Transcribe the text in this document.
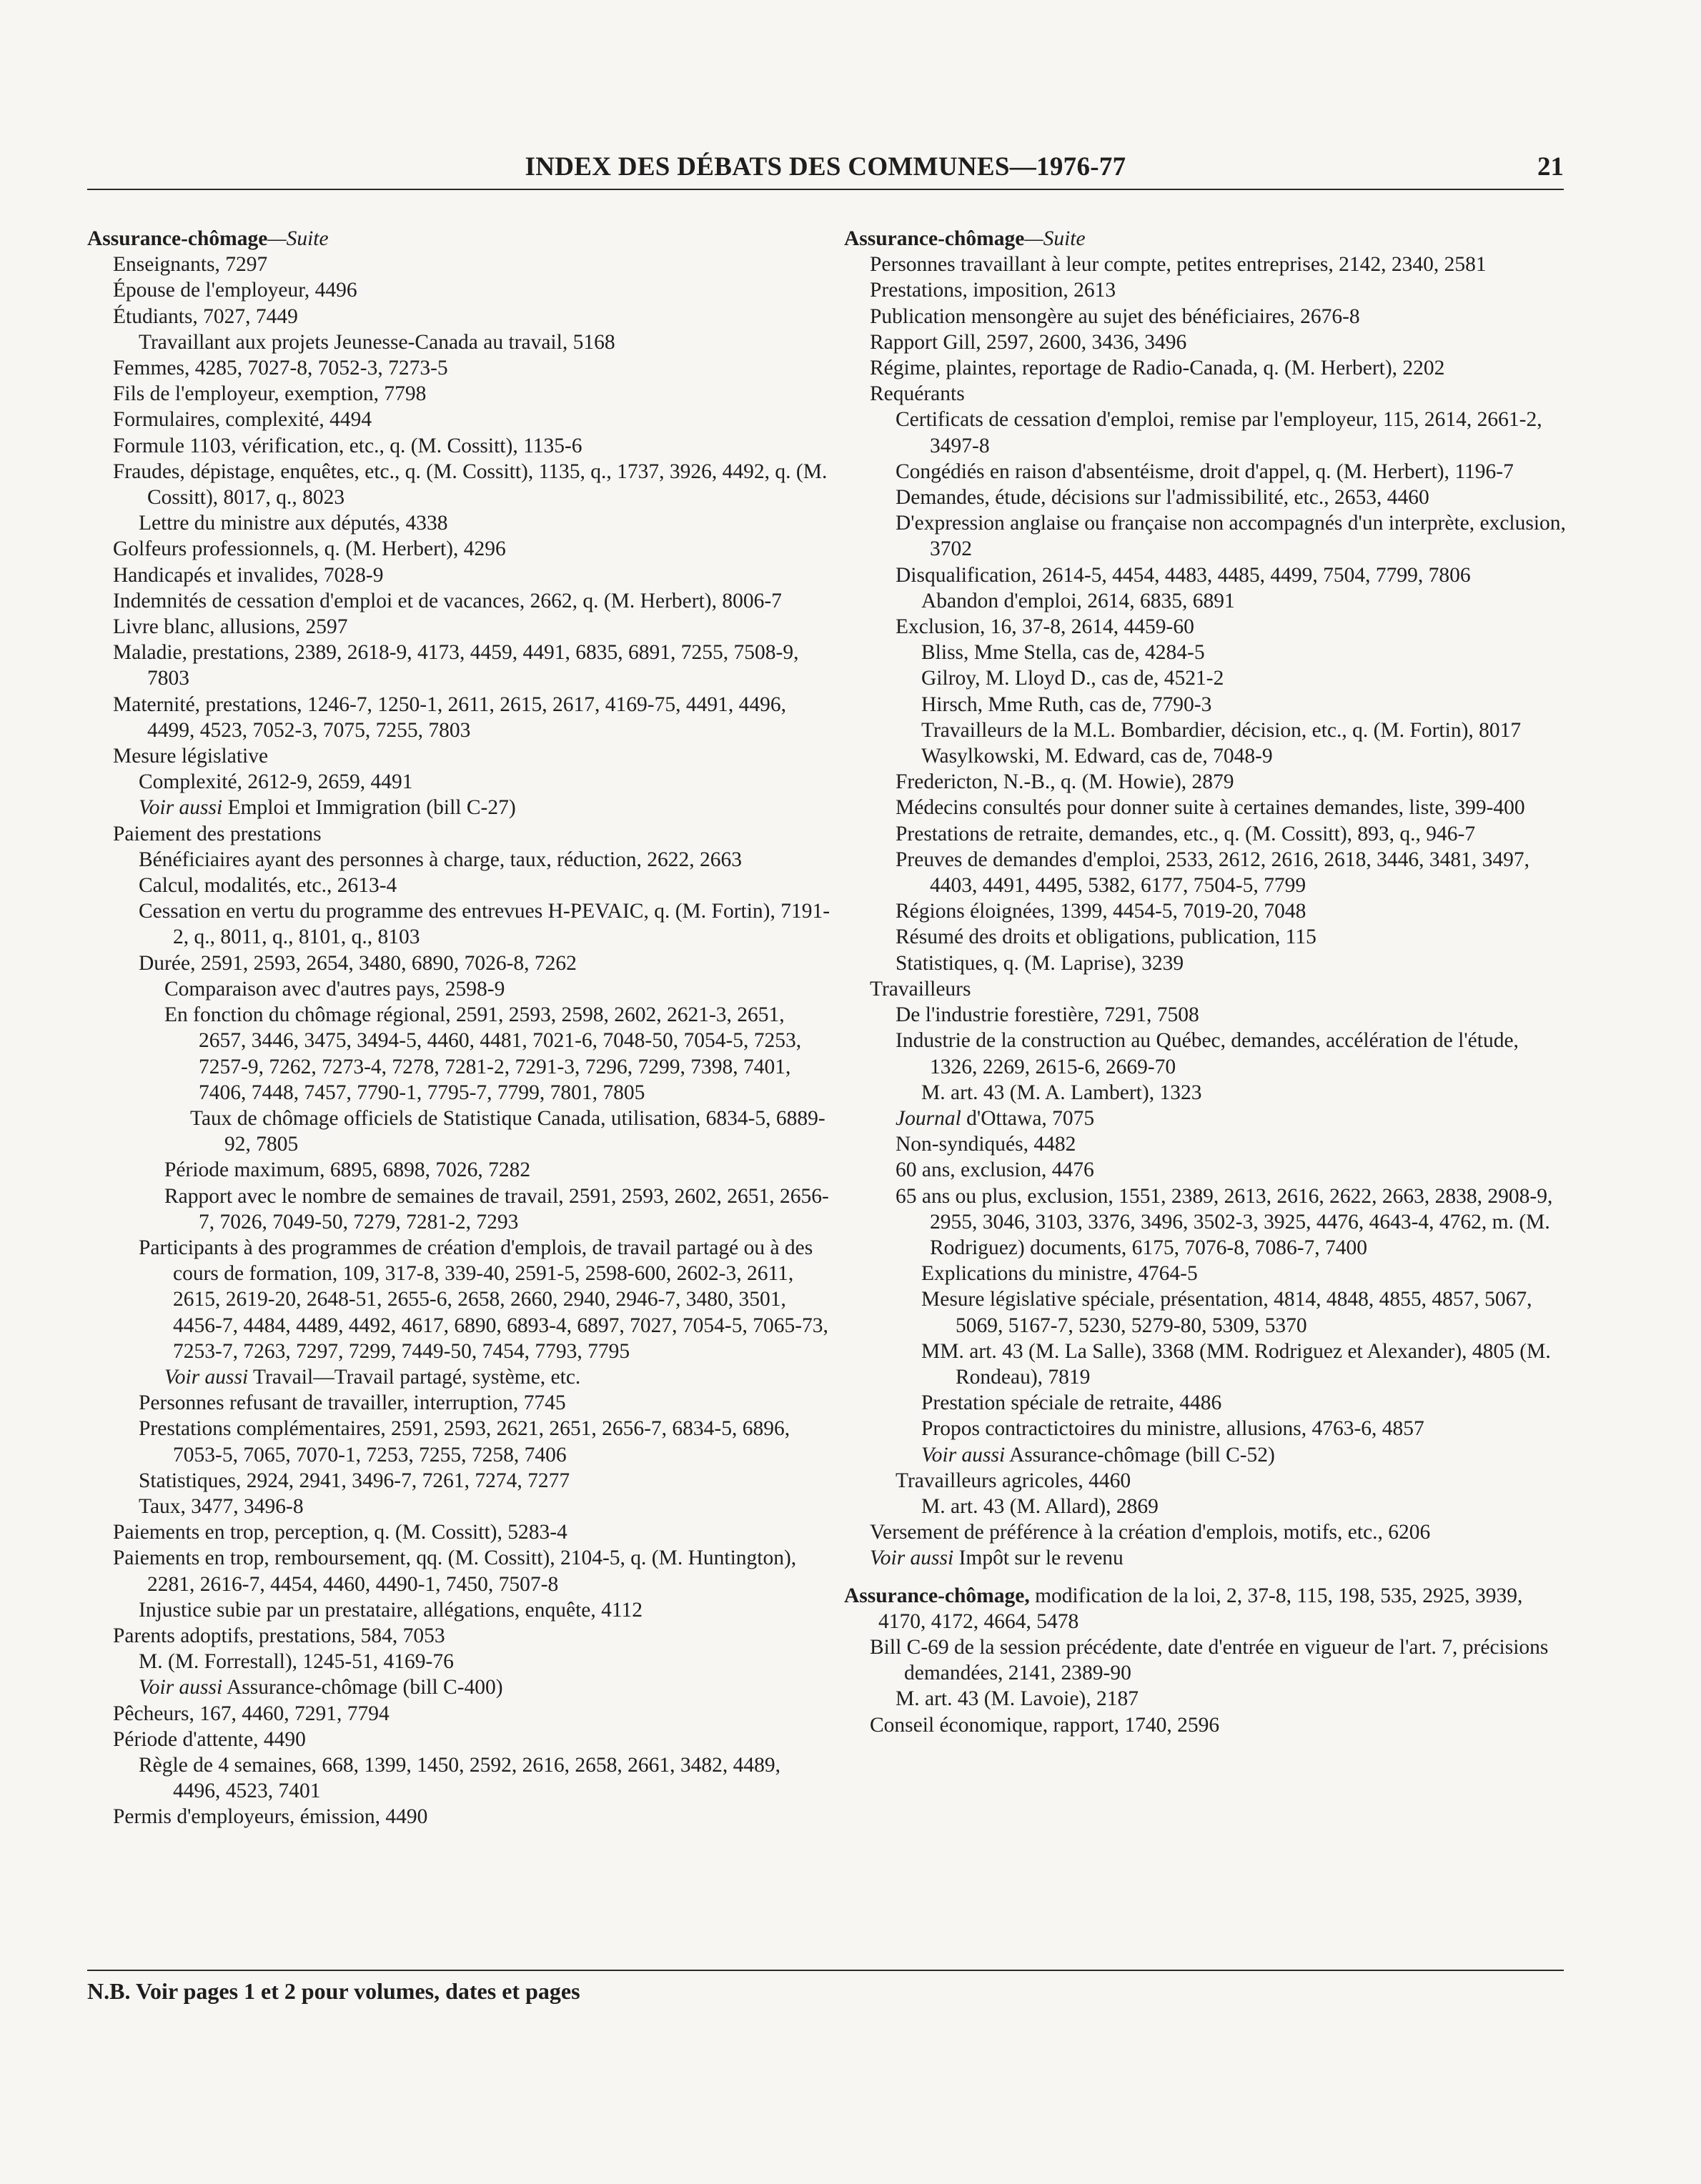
INDEX DES DÉBATS DES COMMUNES—1976-77	21

Assurance-chômage—Suite

Enseignants, 7297

Épouse de l'employeur, 4496

Étudiants, 7027, 7449

Travaillant aux projets Jeunesse-Canada au travail, 5168

Femmes, 4285, 7027-8, 7052-3, 7273-5

Fils de l'employeur, exemption, 7798

Formulaires, complexité, 4494

Formule 1103, vérification, etc., q. (M. Cossitt), 1135-6

Fraudes, dépistage, enquêtes, etc., q. (M. Cossitt), 1135, q., 1737, 3926, 4492, q. (M. Cossitt), 8017, q., 8023

Lettre du ministre aux députés, 4338

Golfeurs professionnels, q. (M. Herbert), 4296

Handicapés et invalides, 7028-9

Indemnités de cessation d'emploi et de vacances, 2662, q. (M. Herbert), 8006-7

Livre blanc, allusions, 2597

Maladie, prestations, 2389, 2618-9, 4173, 4459, 4491, 6835, 6891, 7255, 7508-9, 7803

Maternité, prestations, 1246-7, 1250-1, 2611, 2615, 2617, 4169-75, 4491, 4496, 4499, 4523, 7052-3, 7075, 7255, 7803

Mesure législative

Complexité, 2612-9, 2659, 4491

Voir aussi Emploi et Immigration (bill C-27)

Paiement des prestations

Bénéficiaires ayant des personnes à charge, taux, réduction, 2622, 2663

Calcul, modalités, etc., 2613-4

Cessation en vertu du programme des entrevues H-PEVAIC, q. (M. Fortin), 7191-2, q., 8011, q., 8101, q., 8103

Durée, 2591, 2593, 2654, 3480, 6890, 7026-8, 7262

Comparaison avec d'autres pays, 2598-9

En fonction du chômage régional, 2591, 2593, 2598, 2602, 2621-3, 2651, 2657, 3446, 3475, 3494-5, 4460, 4481, 7021-6, 7048-50, 7054-5, 7253, 7257-9, 7262, 7273-4, 7278, 7281-2, 7291-3, 7296, 7299, 7398, 7401, 7406, 7448, 7457, 7790-1, 7795-7, 7799, 7801, 7805

Taux de chômage officiels de Statistique Canada, utilisation, 6834-5, 6889-92, 7805

Période maximum, 6895, 6898, 7026, 7282

Rapport avec le nombre de semaines de travail, 2591, 2593, 2602, 2651, 2656-7, 7026, 7049-50, 7279, 7281-2, 7293

Participants à des programmes de création d'emplois, de travail partagé ou à des cours de formation, 109, 317-8, 339-40, 2591-5, 2598-600, 2602-3, 2611, 2615, 2619-20, 2648-51, 2655-6, 2658, 2660, 2940, 2946-7, 3480, 3501, 4456-7, 4484, 4489, 4492, 4617, 6890, 6893-4, 6897, 7027, 7054-5, 7065-73, 7253-7, 7263, 7297, 7299, 7449-50, 7454, 7793, 7795

Voir aussi Travail—Travail partagé, système, etc.

Personnes refusant de travailler, interruption, 7745

Prestations complémentaires, 2591, 2593, 2621, 2651, 2656-7, 6834-5, 6896, 7053-5, 7065, 7070-1, 7253, 7255, 7258, 7406

Statistiques, 2924, 2941, 3496-7, 7261, 7274, 7277

Taux, 3477, 3496-8

Paiements en trop, perception, q. (M. Cossitt), 5283-4

Paiements en trop, remboursement, qq. (M. Cossitt), 2104-5, q. (M. Huntington), 2281, 2616-7, 4454, 4460, 4490-1, 7450, 7507-8

Injustice subie par un prestataire, allégations, enquête, 4112

Parents adoptifs, prestations, 584, 7053

M. (M. Forrestall), 1245-51, 4169-76

Voir aussi Assurance-chômage (bill C-400)

Pêcheurs, 167, 4460, 7291, 7794

Période d'attente, 4490

Règle de 4 semaines, 668, 1399, 1450, 2592, 2616, 2658, 2661, 3482, 4489, 4496, 4523, 7401

Permis d'employeurs, émission, 4490

Assurance-chômage—Suite

Personnes travaillant à leur compte, petites entreprises, 2142, 2340, 2581

Prestations, imposition, 2613

Publication mensongère au sujet des bénéficiaires, 2676-8

Rapport Gill, 2597, 2600, 3436, 3496

Régime, plaintes, reportage de Radio-Canada, q. (M. Herbert), 2202

Requérants

Certificats de cessation d'emploi, remise par l'employeur, 115, 2614, 2661-2, 3497-8

Congédiés en raison d'absentéisme, droit d'appel, q. (M. Herbert), 1196-7

Demandes, étude, décisions sur l'admissibilité, etc., 2653, 4460

D'expression anglaise ou française non accompagnés d'un interprète, exclusion, 3702

Disqualification, 2614-5, 4454, 4483, 4485, 4499, 7504, 7799, 7806

Abandon d'emploi, 2614, 6835, 6891

Exclusion, 16, 37-8, 2614, 4459-60

Bliss, Mme Stella, cas de, 4284-5

Gilroy, M. Lloyd D., cas de, 4521-2

Hirsch, Mme Ruth, cas de, 7790-3

Travailleurs de la M.L. Bombardier, décision, etc., q. (M. Fortin), 8017

Wasylkowski, M. Edward, cas de, 7048-9

Fredericton, N.-B., q. (M. Howie), 2879

Médecins consultés pour donner suite à certaines demandes, liste, 399-400

Prestations de retraite, demandes, etc., q. (M. Cossitt), 893, q., 946-7

Preuves de demandes d'emploi, 2533, 2612, 2616, 2618, 3446, 3481, 3497, 4403, 4491, 4495, 5382, 6177, 7504-5, 7799

Régions éloignées, 1399, 4454-5, 7019-20, 7048

Résumé des droits et obligations, publication, 115

Statistiques, q. (M. Laprise), 3239

Travailleurs

De l'industrie forestière, 7291, 7508

Industrie de la construction au Québec, demandes, accélération de l'étude, 1326, 2269, 2615-6, 2669-70

M. art. 43 (M. A. Lambert), 1323

Journal d'Ottawa, 7075

Non-syndiqués, 4482

60 ans, exclusion, 4476

65 ans ou plus, exclusion, 1551, 2389, 2613, 2616, 2622, 2663, 2838, 2908-9, 2955, 3046, 3103, 3376, 3496, 3502-3, 3925, 4476, 4643-4, 4762, m. (M. Rodriguez) documents, 6175, 7076-8, 7086-7, 7400

Explications du ministre, 4764-5

Mesure législative spéciale, présentation, 4814, 4848, 4855, 4857, 5067, 5069, 5167-7, 5230, 5279-80, 5309, 5370

MM. art. 43 (M. La Salle), 3368 (MM. Rodriguez et Alexander), 4805 (M. Rondeau), 7819

Prestation spéciale de retraite, 4486

Propos contractictoires du ministre, allusions, 4763-6, 4857

Voir aussi Assurance-chômage (bill C-52)

Travailleurs agricoles, 4460

M. art. 43 (M. Allard), 2869

Versement de préférence à la création d'emplois, motifs, etc., 6206

Voir aussi Impôt sur le revenu

Assurance-chômage, modification de la loi, 2, 37-8, 115, 198, 535, 2925, 3939, 4170, 4172, 4664, 5478

Bill C-69 de la session précédente, date d'entrée en vigueur de l'art. 7, précisions demandées, 2141, 2389-90

M. art. 43 (M. Lavoie), 2187

Conseil économique, rapport, 1740, 2596

N.B. Voir pages 1 et 2 pour volumes, dates et pages
